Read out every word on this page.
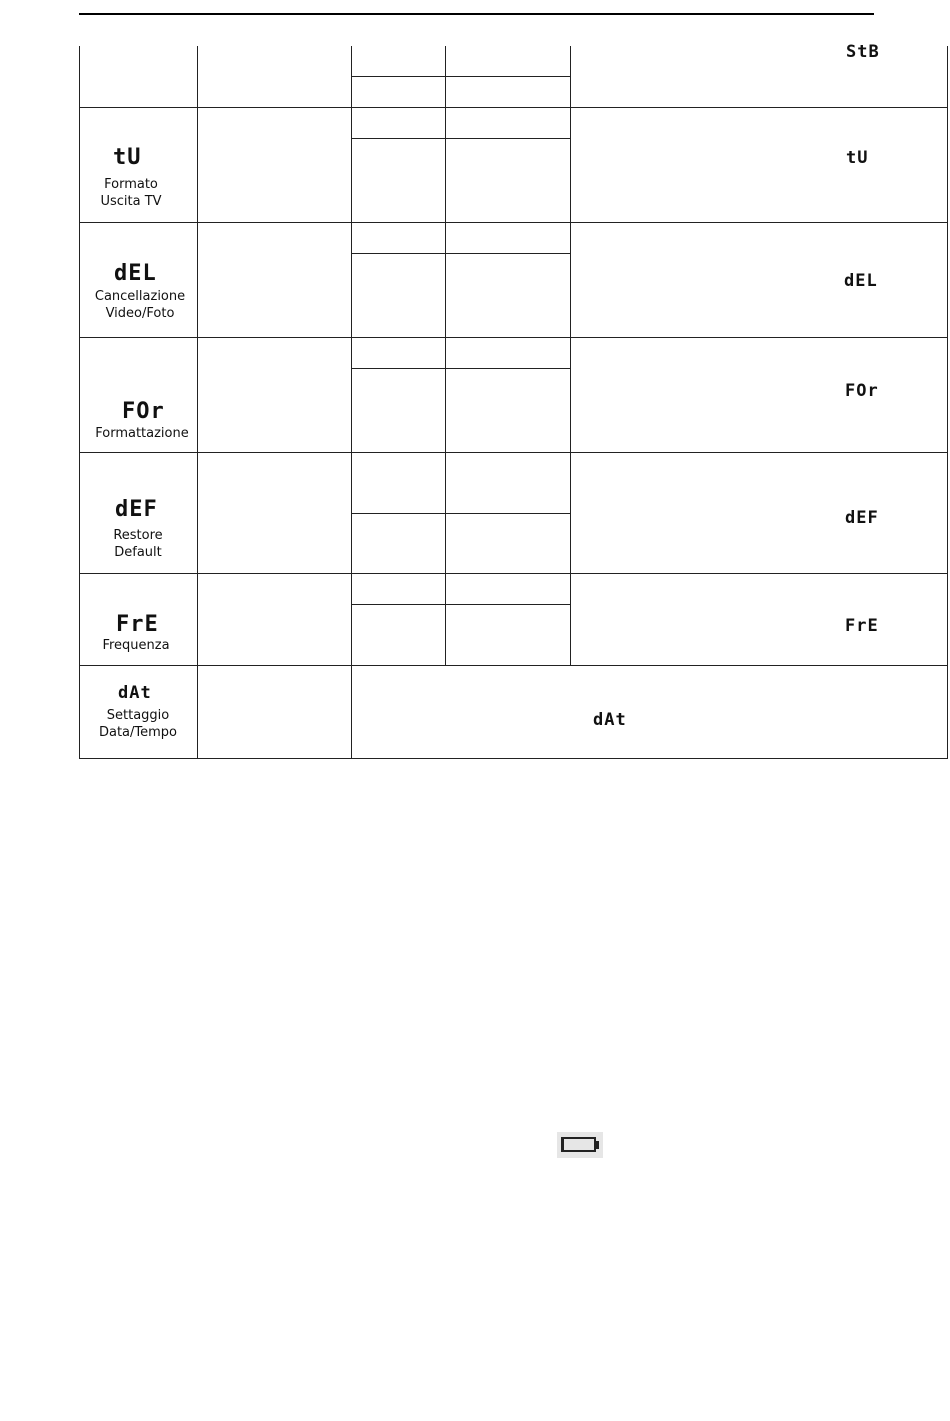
StB
tU
Formato
Uscita TV
tU
dEL
Cancellazione
Video/Foto
dEL
FOr
Formattazione
FOr
dEF
Restore
Default
dEF
FrE
Frequenza
FrE
dAt
Settaggio
Data/Tempo
dAt
